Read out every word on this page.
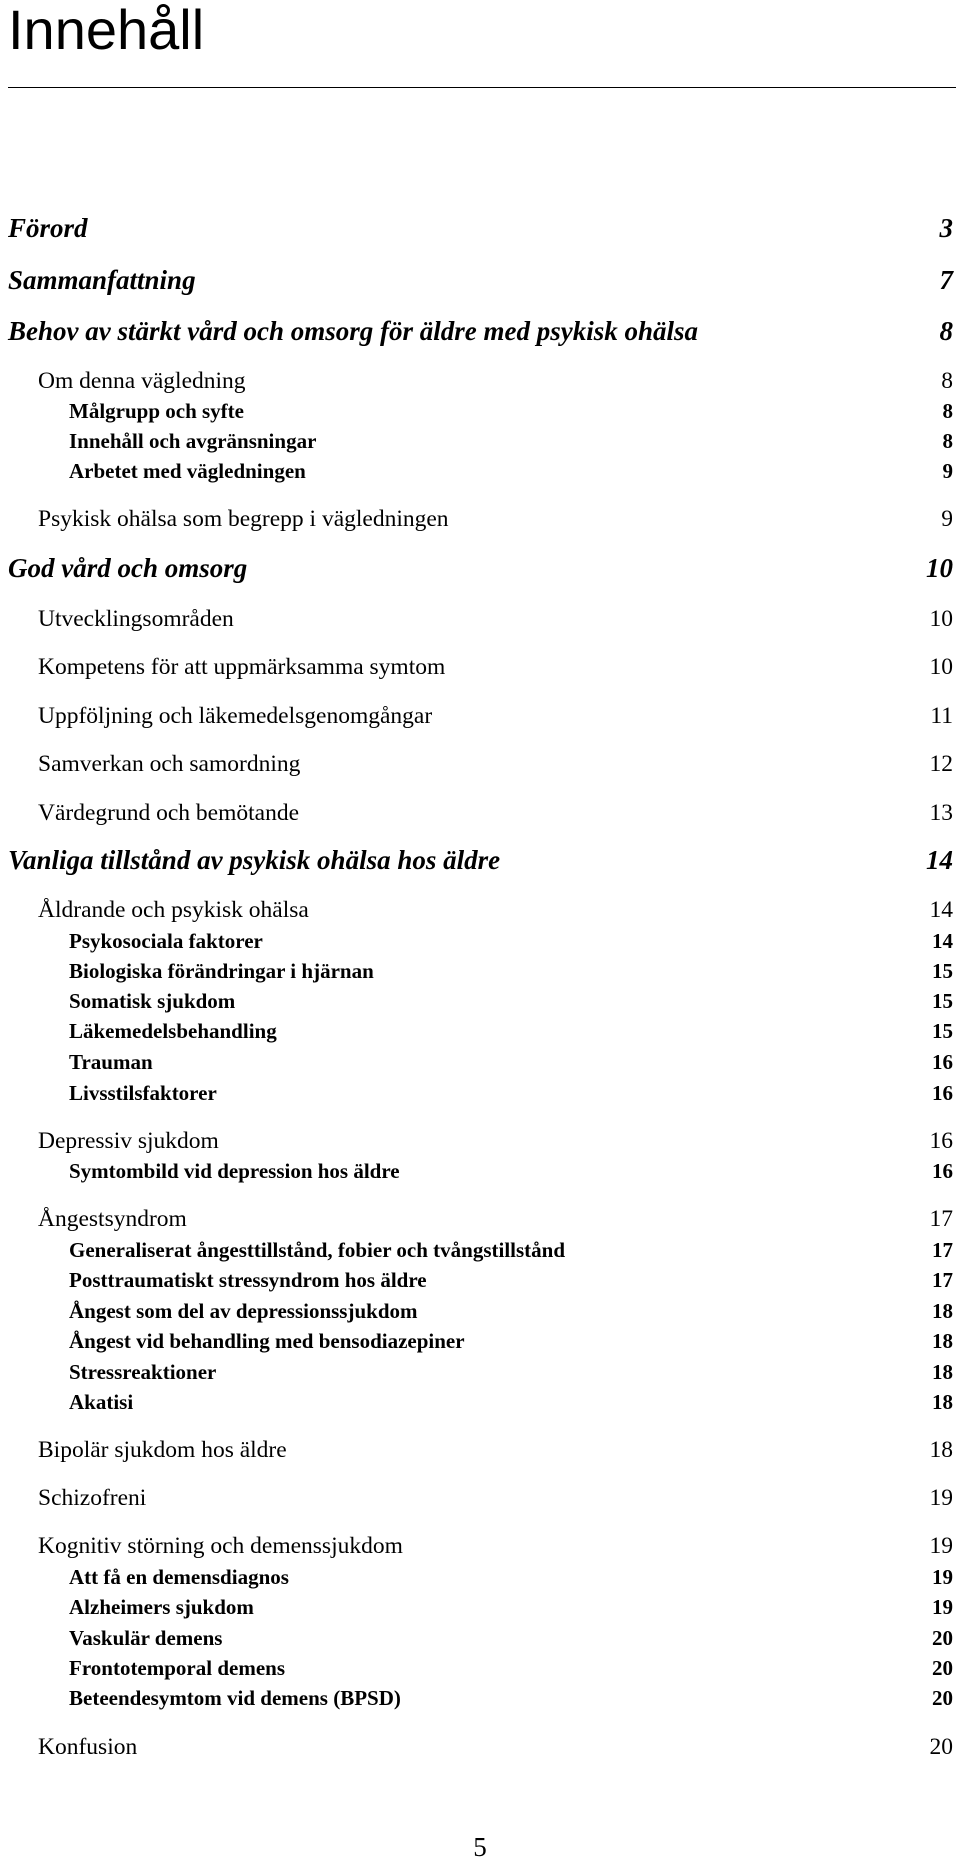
Innehåll
Förord	3
Sammanfattning	7
Behov av stärkt vård och omsorg för äldre med psykisk ohälsa	8
Om denna vägledning	8
Målgrupp och syfte	8
Innehåll och avgränsningar	8
Arbetet med vägledningen	9
Psykisk ohälsa som begrepp i vägledningen	9
God vård och omsorg	10
Utvecklingsområden	10
Kompetens för att uppmärksamma symtom	10
Uppföljning och läkemedelsgenomgångar	11
Samverkan och samordning	12
Värdegrund och bemötande	13
Vanliga tillstånd av psykisk ohälsa hos äldre	14
Åldrande och psykisk ohälsa	14
Psykosociala faktorer	14
Biologiska förändringar i hjärnan	15
Somatisk sjukdom	15
Läkemedelsbehandling	15
Trauman	16
Livsstilsfaktorer	16
Depressiv sjukdom	16
Symtombild vid depression hos äldre	16
Ångestsyndrom	17
Generaliserat ångesttillstånd, fobier och tvångstillstånd	17
Posttraumatiskt stressyndrom hos äldre	17
Ångest som del av depressionssjukdom	18
Ångest vid behandling med bensodiazepiner	18
Stressreaktioner	18
Akatisi	18
Bipolär sjukdom hos äldre	18
Schizofreni	19
Kognitiv störning och demenssjukdom	19
Att få en demensdiagnos	19
Alzheimers sjukdom	19
Vaskulär demens	20
Frontotemporal demens	20
Beteendesymtom vid demens (BPSD)	20
Konfusion	20
5
